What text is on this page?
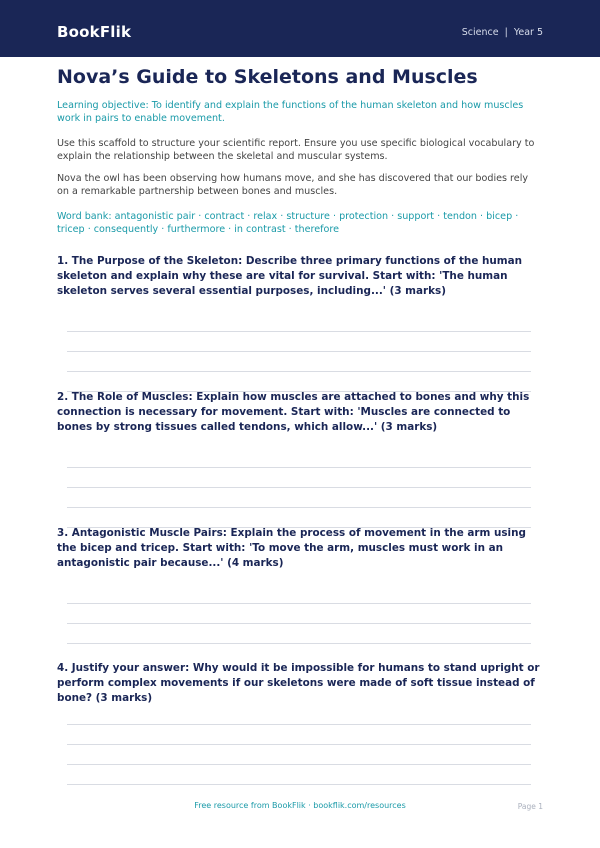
BookFlik	Science | Year 5
Nova’s Guide to Skeletons and Muscles

Learning objective: To identify and explain the functions of the human skeleton and how muscles work in pairs to enable movement.

Use this scaffold to structure your scientific report. Ensure you use specific biological vocabulary to explain the relationship between the skeletal and muscular systems.

Nova the owl has been observing how humans move, and she has discovered that our bodies rely on a remarkable partnership between bones and muscles.

Word bank: antagonistic pair · contract · relax · structure · protection · support · tendon · bicep · tricep · consequently · furthermore · in contrast · therefore

1. The Purpose of the Skeleton: Describe three primary functions of the human skeleton and explain why these are vital for survival. Start with: 'The human skeleton serves several essential purposes, including...' (3 marks)

2. The Role of Muscles: Explain how muscles are attached to bones and why this connection is necessary for movement. Start with: 'Muscles are connected to bones by strong tissues called tendons, which allow...' (3 marks)

3. Antagonistic Muscle Pairs: Explain the process of movement in the arm using the bicep and tricep. Start with: 'To move the arm, muscles must work in an antagonistic pair because...' (4 marks)

4. Justify your answer: Why would it be impossible for humans to stand upright or perform complex movements if our skeletons were made of soft tissue instead of bone? (3 marks)

Free resource from BookFlik · bookflik.com/resources	Page 1
